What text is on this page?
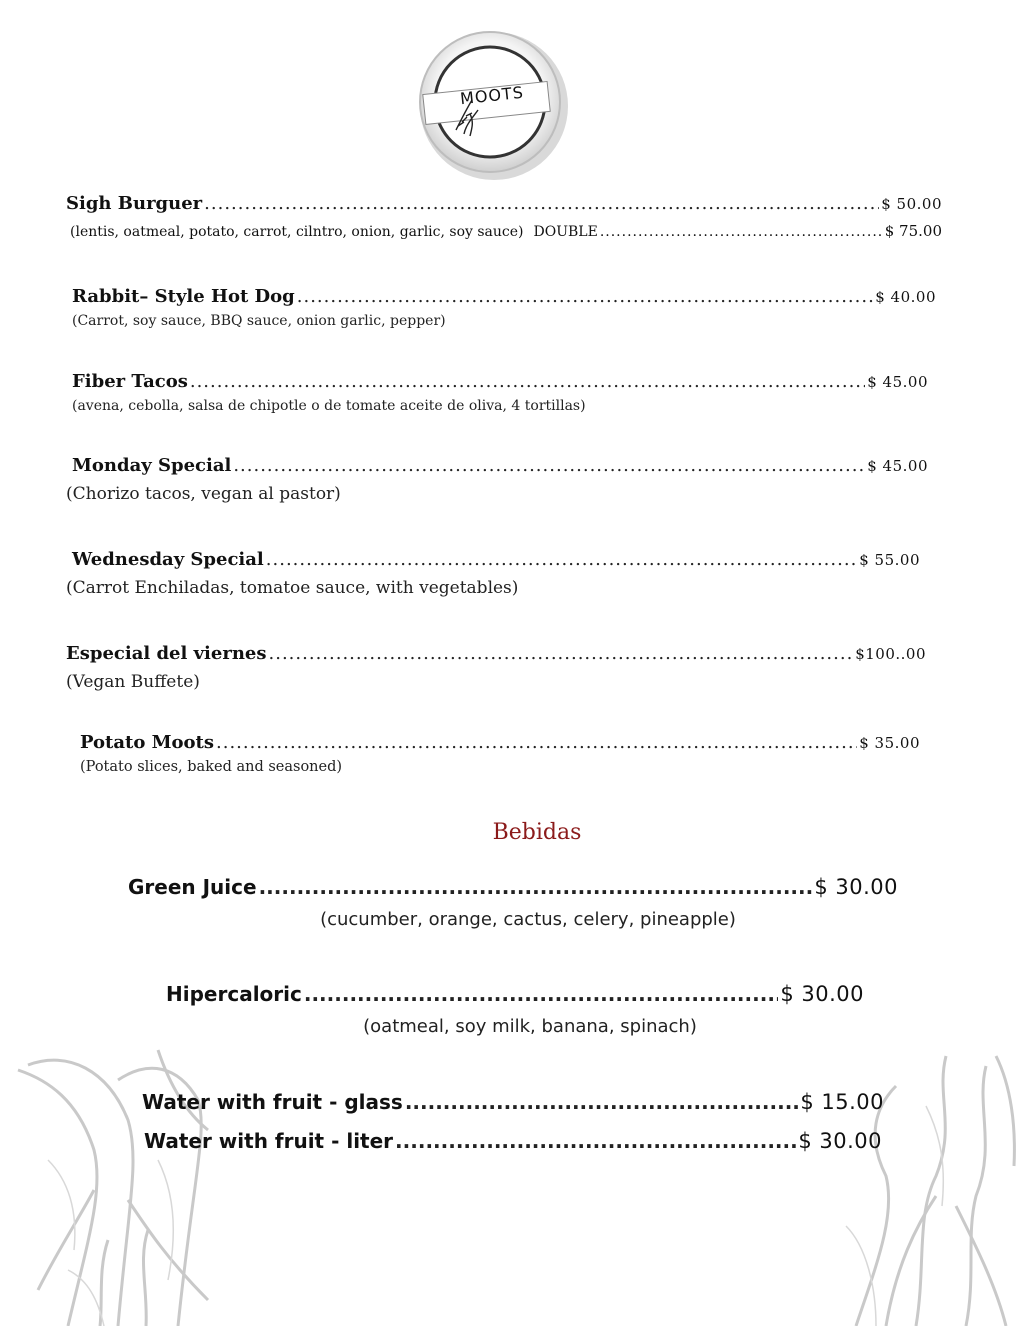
MOOTS
Sigh Burguer .....	$ 50.00
(lentis, oatmeal, potato, carrot, cilntro, onion, garlic, soy sauce) DOUBLE .....	$ 75.00
Rabbit– Style Hot Dog .....	$ 40.00
(Carrot, soy sauce, BBQ sauce, onion garlic, pepper)
Fiber Tacos .....	$ 45.00
(avena, cebolla, salsa de chipotle o de tomate aceite de oliva, 4 tortillas)
Monday Special .....	$ 45.00
(Chorizo tacos, vegan al pastor)
Wednesday Special .....	$ 55.00
(Carrot Enchiladas, tomatoe sauce, with vegetables)
Especial del viernes .....	$100..00
(Vegan Buffete)
Potato Moots .....	$ 35.00
(Potato slices, baked and seasoned)
Bebidas
Green Juice .....	$ 30.00
(cucumber, orange, cactus, celery, pineapple)
Hipercaloric .....	$ 30.00
(oatmeal, soy milk, banana, spinach)
Water with fruit - glass .....	$ 15.00
Water with fruit - liter .....	$ 30.00
